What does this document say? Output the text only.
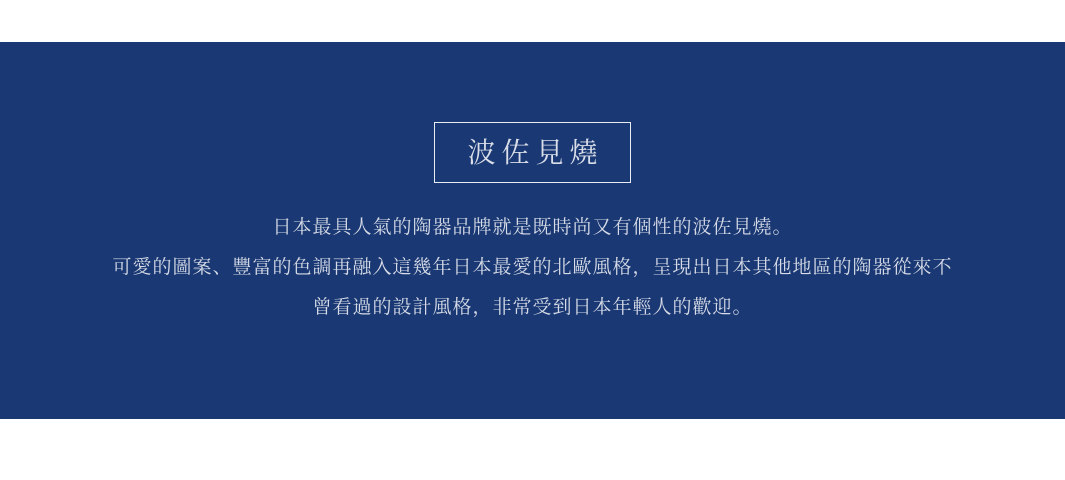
波佐見燒
日本最具人氣的陶器品牌就是既時尚又有個性的波佐見燒。
可愛的圖案、豐富的色調再融入這幾年日本最愛的北歐風格，呈現出日本其他地區的陶器從來不
曾看過的設計風格，非常受到日本年輕人的歡迎。
